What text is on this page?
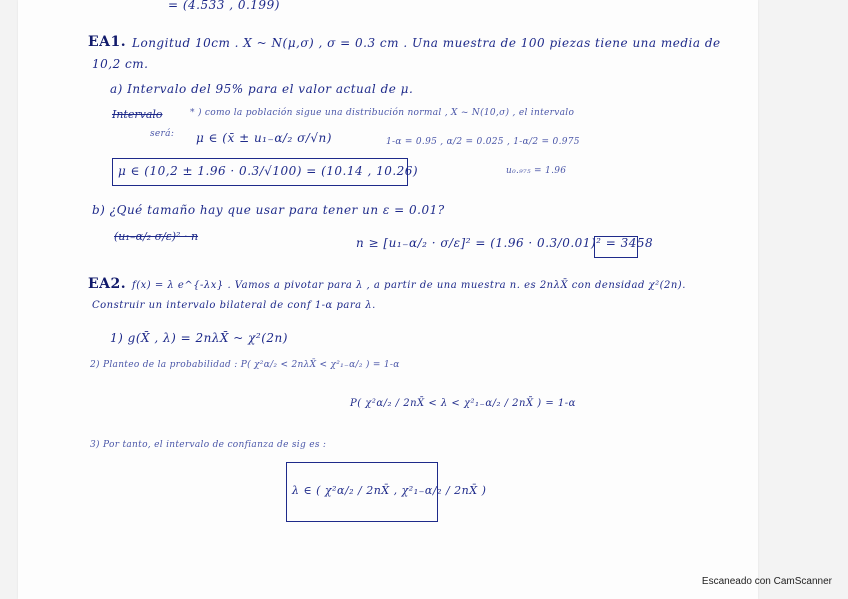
= (4.533 , 0.199)
EA1. Longitud 10cm . X ~ N(μ,σ) , σ = 0.3 cm . Una muestra de 100 piezas tiene una media de
10,2 cm.
a) Intervalo del 95% para el valor actual de μ.
Intervalo	* ) como la población sigue una distribución normal , X ~ N(10,σ) , el intervalo
será: μ ∈ (x̄ ± u₁₋α/₂ σ/√n)	1-α = 0.95 , α/2 = 0.025 , 1-α/2 = 0.975
μ ∈ (10,2 ± 1.96 · 0.3/√100) = (10.14 , 10.26)	u₀.₉₇₅ = 1.96
b) ¿Qué tamaño hay que usar para tener un ε = 0.01?
(u₁₋α/₂ σ/ε)² · n	n ≥ [u₁₋α/₂ · σ/ε]² = (1.96 · 0.3/0.01)² = 3458
EA2. f(x) = λ e^{-λx} . Vamos a pivotar para λ , a partir de una muestra n. es 2nλX̄ con densidad χ²(2n).
Construir un intervalo bilateral de conf 1-α para λ.
1) g(X̄ , λ) = 2nλX̄ ~ χ²(2n)
2) Planteo de la probabilidad : P( χ²α/₂ < 2nλX̄ < χ²₁₋α/₂ ) = 1-α
P( χ²α/₂ / 2nX̄ < λ < χ²₁₋α/₂ / 2nX̄ ) = 1-α
3) Por tanto, el intervalo de confianza de sig es :
λ ∈ ( χ²α/₂ / 2nX̄ , χ²₁₋α/₂ / 2nX̄ )
Escaneado con CamScanner
